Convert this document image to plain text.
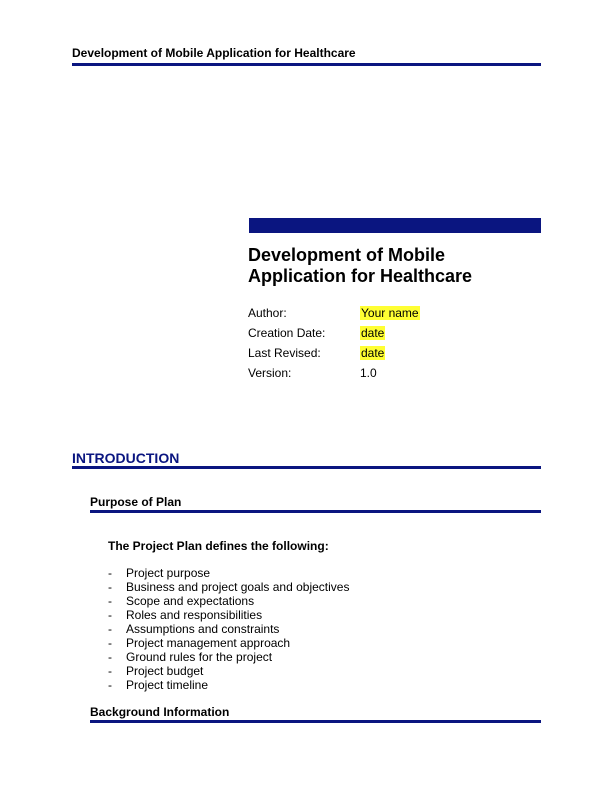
Development of Mobile Application for Healthcare
Development of Mobile
Application for Healthcare
Author:	Your name
Creation Date:	date
Last Revised:	date
Version:	1.0
INTRODUCTION
Purpose of Plan
The Project Plan defines the following:
- Project purpose
- Business and project goals and objectives
- Scope and expectations
- Roles and responsibilities
- Assumptions and constraints
- Project management approach
- Ground rules for the project
- Project budget
- Project timeline
Background Information
